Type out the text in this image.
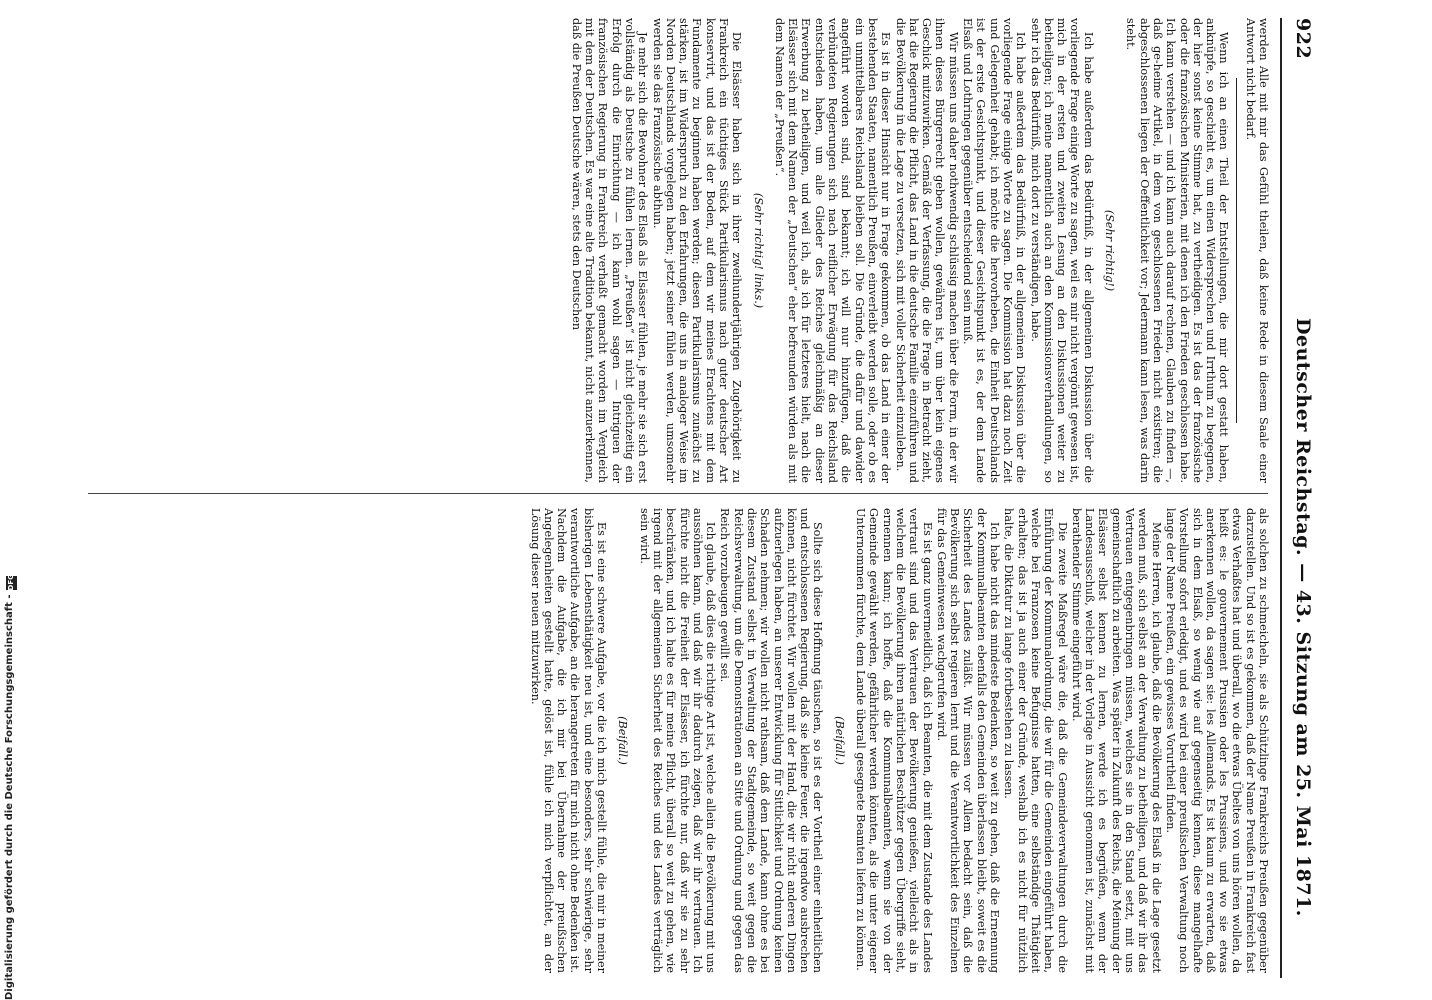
922
Deutscher Reichstag. — 43. Sitzung am 25. Mai 1871.

werden Alle mit mir das Gefühl theilen, daß keine Rede in diesem Saale einer Antwort nicht bedarf.

Wenn ich an einen Theil der Entstellungen, die mir dort gestatt haben, anknüpfe, so geschieht es, um einen Widersprechen und Irrthum zu begegnen, der hier sonst keine Stimme hat, zu vertheidigen. Es ist das der französische oder die französischen Ministerien, mit denen ich den Frieden geschlossen habe. Ich kann verstehen — und ich kann auch darauf rechnen, Glauben zu finden —, daß ge-heime Artikel, in dem von geschlossenen Frieden nicht existiren; die abgeschlossenen liegen der Oeffentlichkeit vor; Jedermann kann lesen, was darin steht.

(Sehr richtig!)

Ich habe außerdem das Bedürfniß, in der allgemeinen Diskussion über die vorliegende Frage einige Worte zu sagen, weil es mir nicht vergönnt gewesen ist, mich in der ersten und zweiten Lesung an den Diskussionen weiter zu betheiligen; ich meine namentlich auch an den Kommissionsverhandlungen, so sehr ich das Bedürfniß, mich dort zu verständigen, habe.

Ich habe außerdem das Bedürfniß, in der allgemeinen Diskussion über die vorliegende Frage einige Worte zu sagen. Die Kommission hat dazu noch Zeit und Gelegenheit gehabt; ich möchte die hervorheben, die Einheit Deutschlands ist der erste Gesichtspunkt, und dieser Gesichtspunkt ist es, der dem Lande Elsaß und Lothringen gegenüber entscheidend sein muß.

Wir müssen uns daher nothwendig schlüssig machen über die Form, in der wir ihnen dieses Bürgerrecht geben wollen, gewähren ist, um über kein eigenes Geschick mitzuwirken. Gemäß der Verfassung, die die Frage in Betracht zieht, hat die Regierung die Pflicht, das Land in die deutsche Familie einzuführen und die Bevölkerung in die Lage zu versetzen, sich mit voller Sicherheit einzuleben.

Es ist in dieser Hinsicht nur in Frage gekommen, ob das Land in einer der bestehenden Staaten, namentlich Preußen, einverleibt werden solle, oder ob es ein unmittelbares Reichsland bleiben soll. Die Gründe, die dafür und dawider angeführt worden sind, sind bekannt; ich will nur hinzufügen, daß die verbündeten Regierungen sich nach reiflicher Erwägung für das Reichsland entschieden haben, um alle Glieder des Reiches gleichmäßig an dieser Erwerbung zu betheiligen, und weil ich, als ich für letzteres hielt, nach die Elsässer sich mit dem Namen der „Deutschen“ eher befreunden würden als mit dem Namen der „Preußen“.

(Sehr richtig! links.)

Die Elsässer haben sich in ihrer zweihundertjährigen Zugehörigkeit zu Frankreich ein tüchtiges Stück Partikularismus nach guter deutscher Art konservirt, und das ist der Boden, auf dem wir meines Erachtens mit dem Fundamente zu beginnen haben werden; diesen Partikularismus zunächst zu stärken, ist im Widerspruch zu den Erfahrungen, die uns in analoger Weise im Norden Deutschlands vorgelegen haben; jetzt seiner fühlen werden, umsomehr werden sie das Französische abthun.

Je mehr sich die Bewohner des Elsaß als Elsässer fühlen, je mehr sie sich erst vollständig als Deutsche zu fühlen lernen. „Preußen“ ist nicht gleichzeitig ein Erfolg durch die Einrichtung — ich kann wohl sagen — Intriguen der französischen Regierung in Frankreich verhaßt gemacht worden im Vergleich mit dem der Deutschen. Es war eine alte Tradition bekannt, nicht anzuerkennen, daß die Preußen Deutsche wären, stets den Deutschen

als solchen zu schmeicheln, sie als Schützlinge Frankreichs Preußen gegenüber darzustellen. Und so ist es gekommen, daß der Name Preußen in Frankreich fast etwas Verhaßtes hat und überall, wo die etwas Übeltes von uns hören wollen, da heißt es: le gouvernement Prussien oder les Prussiens, und wo sie etwas anerkennen wollen, da sagen sie: les Allemands. Es ist kaum zu erwarten, daß sich in dem Elsaß, so wenig wie auf gegenseitig kennen, diese mangelhafte Vorstellung sofort erledigt, und es wird bei einer preußischen Verwaltung noch lange der Name Preußen, ein gewisses Vorurtheil finden.

Meine Herren, ich glaube, daß die Bevölkerung des Elsaß in die Lage gesetzt werden muß, sich selbst an der Verwaltung zu betheiligen, und daß wir ihr das Vertrauen entgegenbringen müssen, welches sie in den Stand setzt, mit uns gemeinschaftlich zu arbeiten. Was später in Zukunft des Reichs, die Meinung der Elsässer selbst kennen zu lernen, werde ich es begrüßen, wenn der Landesausschuß, welcher in der Vorlage in Aussicht genommen ist, zunächst mit berathender Stimme eingeführt wird.

Die zweite Maßregel wäre die, daß die Gemeindeverwaltungen durch die Einführung der Kommunalordnung, die wir für die Gemeinden eingeführt haben, welche bei Franzosen keine Befugnisse hatten, eine selbständige Thätigkeit erhalten; das ist ja auch einer der Gründe, weshalb ich es nicht für nützlich halte, die Diktatur zu lange fortbestehen zu lassen.

Ich habe nicht das mindeste Bedenken, so weit zu gehen, daß die Ernennung der Kommunalbeamten ebenfalls den Gemeinden überlassen bleibt, soweit es die Sicherheit des Landes zuläßt. Wir müssen vor Allem bedacht sein, daß die Bevölkerung sich selbst regieren lernt und die Verantwortlichkeit des Einzelnen für das Gemeinwesen wachgerufen wird.

Es ist ganz unvermeidlich, daß ich Beamten, die mit dem Zustande des Landes vertraut sind und das Vertrauen der Bevölkerung genießen, vielleicht als in welchem die Bevölkerung ihren natürlichen Beschützer gegen Übergriffe sieht, ernennen kann; ich hoffe, daß die Kommunalbeamten, wenn sie von der Gemeinde gewählt werden, gefährlicher werden könnten, als die unter eigener Unternommen fürchte, dem Lande überall gesegnete Beamten liefern zu können.

(Beifall.)

Sollte sich diese Hoffnung täuschen, so ist es der Vortheil einer einheitlichen und entschlossenen Regierung, daß sie kleine Feuer, die irgendwo ausbrechen können, nicht fürchtet. Wir wollen mit der Hand, die wir nicht anderen Dingen aufzuerlegen haben, an unserer Entwicklung für Sittlichkeit und Ordnung keinen Schaden nehmen; wir wollen nicht rathsam, daß dem Lande, kann ohne es bei diesem Zustand selbst in Verwaltung der Stadtgemeinde, so weit gegen die Reichsverwaltung, um die Demonstrationen an Sitte und Ordnung und gegen das Reich vorzubeugen gewillt sei.

Ich glaube, daß dies die richtige Art ist, welche allein die Bevölkerung mit uns aussöhnen kann, und daß wir ihr dadurch zeigen, daß wir ihr vertrauen. Ich fürchte nicht die Freiheit der Elsässer, ich fürchte nur, daß wir sie zu sehr beschränken, und ich halte es für meine Pflicht, überall so weit zu gehen, wie irgend mit der allgemeinen Sicherheit des Reiches und des Landes verträglich sein wird.

(Beifall.)

Es ist eine schwere Aufgabe, vor die ich mich gestellt fühle, die mir in meiner bisherigen Lebensthätigkeit neu ist, und eine besonders, sehr schwierige, sehr verantwortliche Aufgabe, an die herangetreten für mich nicht ohne Bedenken ist. Nachdem die Aufgabe, die ich mir bei Übernahme der preußischen Angelegenheiten gestellt hatte, gelöst ist, fühle ich mich verpflichtet, an der Lösung dieser neuen mitzuwirken.

Digitalisierung gefördert durch die Deutsche Forschungsgemeinschaft -DFG
